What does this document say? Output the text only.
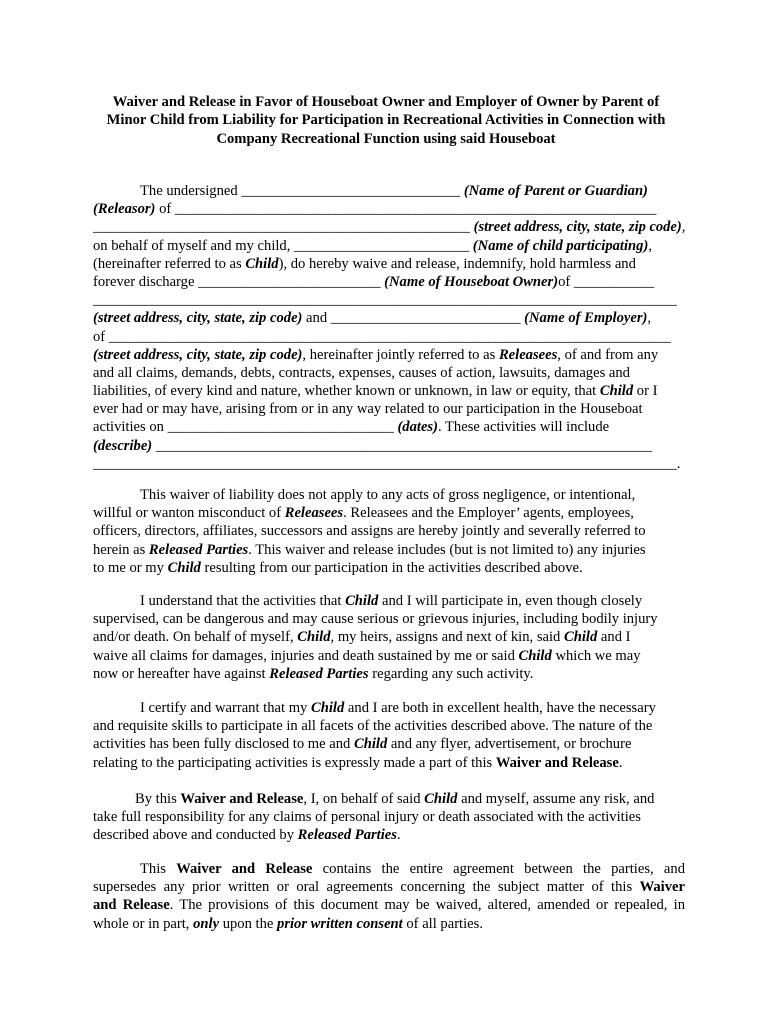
Waiver and Release in Favor of Houseboat Owner and Employer of Owner by Parent of
Minor Child from Liability for Participation in Recreational Activities in Connection with
Company Recreational Function using said Houseboat
The undersigned ______________________________ (Name of Parent or Guardian)
(Releasor) of __________________________________________________________________
____________________________________________________ (street address, city, state, zip code),
on behalf of myself and my child, ________________________ (Name of child participating),
(hereinafter referred to as Child), do hereby waive and release, indemnify, hold harmless and
forever discharge _________________________ (Name of Houseboat Owner)of ___________
________________________________________________________________________________
(street address, city, state, zip code) and __________________________ (Name of Employer),
of _____________________________________________________________________________
(street address, city, state, zip code), hereinafter jointly referred to as Releasees, of and from any
and all claims, demands, debts, contracts, expenses, causes of action, lawsuits, damages and
liabilities, of every kind and nature, whether known or unknown, in law or equity, that Child or I
ever had or may have, arising from or in any way related to our participation in the Houseboat
activities on _______________________________ (dates). These activities will include
(describe) ____________________________________________________________________
________________________________________________________________________________.
This waiver of liability does not apply to any acts of gross negligence, or intentional,
willful or wanton misconduct of Releasees. Releasees and the Employer’ agents, employees,
officers, directors, affiliates, successors and assigns are hereby jointly and severally referred to
herein as Released Parties. This waiver and release includes (but is not limited to) any injuries
to me or my Child resulting from our participation in the activities described above.
I understand that the activities that Child and I will participate in, even though closely
supervised, can be dangerous and may cause serious or grievous injuries, including bodily injury
and/or death. On behalf of myself, Child, my heirs, assigns and next of kin, said Child and I
waive all claims for damages, injuries and death sustained by me or said Child which we may
now or hereafter have against Released Parties regarding any such activity.
I certify and warrant that my Child and I are both in excellent health, have the necessary
and requisite skills to participate in all facets of the activities described above. The nature of the
activities has been fully disclosed to me and Child and any flyer, advertisement, or brochure
relating to the participating activities is expressly made a part of this Waiver and Release.
By this Waiver and Release, I, on behalf of said Child and myself, assume any risk, and
take full responsibility for any claims of personal injury or death associated with the activities
described above and conducted by Released Parties.
This Waiver and Release contains the entire agreement between the parties, and
supersedes any prior written or oral agreements concerning the subject matter of this Waiver
and Release. The provisions of this document may be waived, altered, amended or repealed, in
whole or in part, only upon the prior written consent of all parties.
